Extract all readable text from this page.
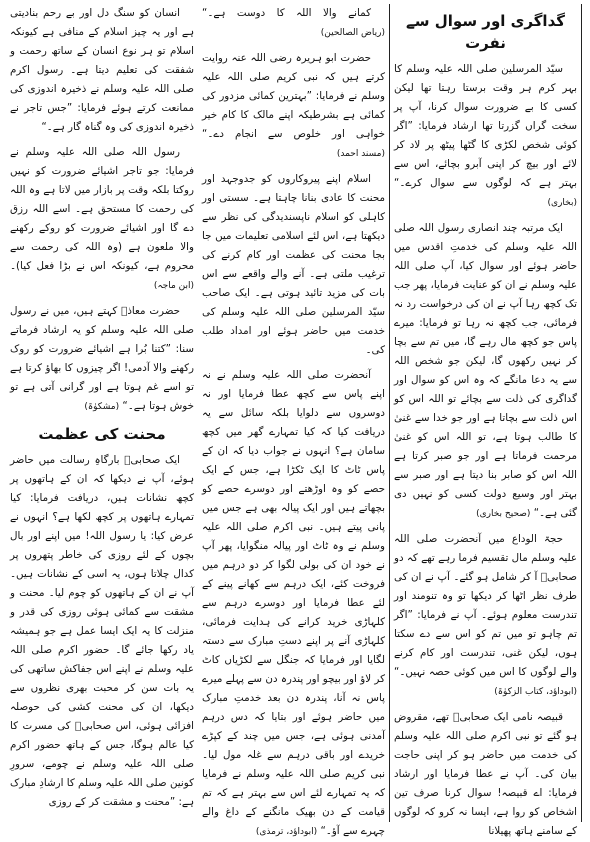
انسان کو سنگ دل اور بے رحم بنادیتی ہے اور یہ چیز اسلام کے منافی ہے کیونکہ اسلام تو ہر نوع انسان کے ساتھ رحمت و شفقت کی تعلیم دیتا ہے۔ رسول اکرم صلی اللہ علیہ وسلم نے ذخیرہ اندوزی کی ممانعت کرتے ہوئے فرمایا: ”جس تاجر نے ذخیرہ اندوزی کی وہ گناہ گار ہے۔“

رسول اللہ صلی اللہ علیہ وسلم نے فرمایا: جو تاجر اشیائے ضرورت کو نہیں روکتا بلکہ وقت پر بازار میں لاتا ہے وہ اللہ کی رحمت کا مستحق ہے۔ اسے اللہ رزق دے گا اور اشیائے ضرورت کو روکے رکھنے والا ملعون ہے (وہ اللہ کی رحمت سے محروم ہے، کیونکہ اس نے بڑا فعل کیا)۔ (ابن ماجہ)

حضرت معاذؓ کہتے ہیں، میں نے رسول صلی اللہ علیہ وسلم کو یہ ارشاد فرماتے سنا: ”کتنا بُرا ہے اشیائے ضرورت کو روک رکھنے والا آدمی! اگر چیزوں کا بھاؤ کرتا ہے تو اسے غم ہوتا ہے اور گرانی آتی ہے تو خوش ہوتا ہے۔“ (مشکوٰۃ)

محنت کی عظمت

ایک صحابیؓ بارگاہِ رسالت میں حاضر ہوئے، آپ نے دیکھا کہ ان کے ہاتھوں پر کچھ نشانات ہیں، دریافت فرمایا: کیا تمہارے ہاتھوں پر کچھ لکھا ہے؟ انہوں نے عرض کیا: یا رسول اللہ! میں اپنے اور بال بچوں کے لئے روزی کی خاطر پتھروں پر کدال چلاتا ہوں، یہ اسی کے نشانات ہیں۔ آپ نے ان کے ہاتھوں کو چوم لیا۔ محنت و مشقت سے کمائی ہوئی روزی کی قدر و منزلت کا یہ ایک ایسا عمل ہے جو ہمیشہ یاد رکھا جائے گا۔ حضور اکرم صلی اللہ علیہ وسلم نے اپنے اس جفاکش ساتھی کی یہ بات سن کر محبت بھری نظروں سے دیکھا، ان کی محنت کشی کی حوصلہ افزائی ہوئی، اس صحابیؓ کی مسرت کا کیا عالم ہوگا، جس کے ہاتھ حضور اکرم صلی اللہ علیہ وسلم نے چومے، سرورِ کونین صلی اللہ علیہ وسلم کا ارشادِ مبارک ہے: ”محنت و مشقت کر کے روزی

کمانے والا اللہ کا دوست ہے۔“ (ریاض الصالحین)

حضرت ابو ہریرہ رضی اللہ عنہ روایت کرتے ہیں کہ نبی کریم صلی اللہ علیہ وسلم نے فرمایا: ”بہترین کمائی مزدور کی کمائی ہے بشرطیکہ اپنے مالک کا کام خیر خواہی اور خلوص سے انجام دے۔“ (مسند احمد)

اسلام اپنے پیروکاروں کو جدوجہد اور محنت کا عادی بنانا چاہتا ہے۔ سستی اور کاہلی کو اسلام ناپسندیدگی کی نظر سے دیکھتا ہے، اس لئے اسلامی تعلیمات میں جا بجا محنت کی عظمت اور کام کرنے کی ترغیب ملتی ہے۔ آنے والے واقعے سے اس بات کی مزید تائید ہوتی ہے۔ ایک صاحب سیّد المرسلین صلی اللہ علیہ وسلم کی خدمت میں حاضر ہوئے اور امداد طلب کی۔

آنحضرت صلی اللہ علیہ وسلم نے نہ اپنے پاس سے کچھ عطا فرمایا اور نہ دوسروں سے دلوایا بلکہ سائل سے یہ دریافت کیا کہ کیا تمہارے گھر میں کچھ سامان ہے؟ انہوں نے جواب دیا کہ ان کے پاس ٹاٹ کا ایک ٹکڑا ہے، جس کے ایک حصے کو وہ اوڑھتے اور دوسرے حصے کو بچھاتے ہیں اور ایک پیالہ بھی ہے جس میں پانی پیتے ہیں۔ نبی اکرم صلی اللہ علیہ وسلم نے وہ ٹاٹ اور پیالہ منگوایا، پھر آپ نے خود ان کی بولی لگوا کر دو درہم میں فروخت کئے، ایک درہم سے کھانے پینے کے لئے عطا فرمایا اور دوسرے درہم سے کلہاڑی خرید کرانے کی ہدایت فرمائی، کلہاڑی آنے پر اپنے دستِ مبارک سے دستہ لگایا اور فرمایا کہ جنگل سے لکڑیاں کاٹ کر لاؤ اور بیچو اور پندرہ دن سے پہلے میرے پاس نہ آنا، پندرہ دن بعد خدمتِ مبارک میں حاضر ہوئے اور بتایا کہ دس درہم آمدنی ہوئی ہے، جس میں چند کے کپڑے خریدے اور باقی درہم سے غلہ مول لیا۔ نبی کریم صلی اللہ علیہ وسلم نے فرمایا کہ یہ تمہارے لئے اس سے بہتر ہے کہ تم قیامت کے دن بھیک مانگنے کے داغ والے چہرے سے آؤ۔“ (ابوداؤد، ترمذی)

گداگری اور سوال سے نفرت

سیّد المرسلین صلی اللہ علیہ وسلم کا بہر کرم ہر وقت برستا رہتا تھا لیکن کسی کا بے ضرورت سوال کرنا، آپ پر سخت گراں گزرتا تھا ارشاد فرمایا: ”اگر کوئی شخص لکڑی کا گٹھا پیٹھ پر لاد کر لائے اور بیچ کر اپنی آبرو بچائے، اس سے بہتر ہے کہ لوگوں سے سوال کرے۔“ (بخاری)

ایک مرتبہ چند انصاری رسول اللہ صلی اللہ علیہ وسلم کی خدمتِ اقدس میں حاضر ہوئے اور سوال کیا، آپ صلی اللہ علیہ وسلم نے ان کو عنایت فرمایا، پھر جب تک کچھ رہا آپ نے ان کی درخواست رد نہ فرمائی، جب کچھ نہ رہا تو فرمایا: میرے پاس جو کچھ مال رہے گا، میں تم سے بچا کر نہیں رکھوں گا، لیکن جو شخص اللہ سے یہ دعا مانگے کہ وہ اس کو سوال اور گداگری کی ذلت سے بچائے تو اللہ اس کو اس ذلت سے بچاتا ہے اور جو خدا سے غنیٰ کا طالب ہوتا ہے، تو اللہ اس کو غنیٰ مرحمت فرماتا ہے اور جو صبر کرتا ہے اللہ اس کو صابر بنا دیتا ہے اور صبر سے بہتر اور وسیع دولت کسی کو نہیں دی گئی ہے۔“ (صحیح بخاری)

حجۃ الوداع میں آنحضرت صلی اللہ علیہ وسلم مال تقسیم فرما رہے تھے کہ دو صحابیؓ آ کر شامل ہو گئے۔ آپ نے ان کی طرف نظر اٹھا کر دیکھا تو وہ تنومند اور تندرست معلوم ہوئے۔ آپ نے فرمایا: ”اگر تم چاہو تو میں تم کو اس سے دے سکتا ہوں، لیکن غنی، تندرست اور کام کرنے والے لوگوں کا اس میں کوئی حصہ نہیں۔“ (ابوداؤد، کتاب الزکوٰۃ)

قبیصہ نامی ایک صحابیؓ تھے، مقروض ہو گئے تو نبی اکرم صلی اللہ علیہ وسلم کی خدمت میں حاضر ہو کر اپنی حاجت بیان کی۔ آپ نے عطا فرمایا اور ارشاد فرمایا: اے قبیصہ! سوال کرنا صرف تین اشخاص کو روا ہے، ایسا نہ کرو کہ لوگوں کے سامنے ہاتھ پھیلانا
